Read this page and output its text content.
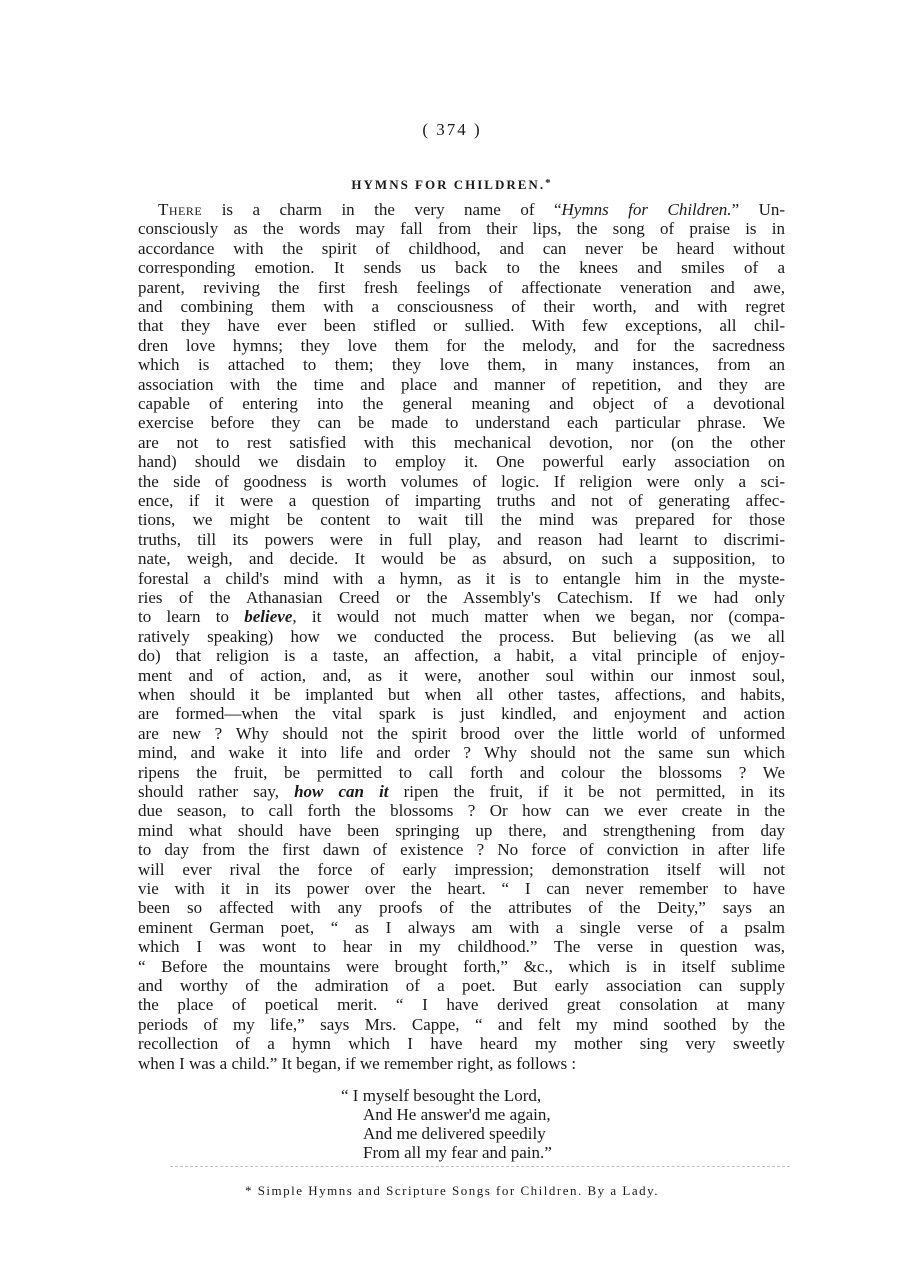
( 374 )
HYMNS FOR CHILDREN.*
There is a charm in the very name of “Hymns for Children.” Un-
consciously as the words may fall from their lips, the song of praise is in
accordance with the spirit of childhood, and can never be heard without
corresponding emotion. It sends us back to the knees and smiles of a
parent, reviving the first fresh feelings of affectionate veneration and awe,
and combining them with a consciousness of their worth, and with regret
that they have ever been stifled or sullied. With few exceptions, all chil-
dren love hymns; they love them for the melody, and for the sacredness
which is attached to them; they love them, in many instances, from an
association with the time and place and manner of repetition, and they are
capable of entering into the general meaning and object of a devotional
exercise before they can be made to understand each particular phrase. We
are not to rest satisfied with this mechanical devotion, nor (on the other
hand) should we disdain to employ it. One powerful early association on
the side of goodness is worth volumes of logic. If religion were only a sci-
ence, if it were a question of imparting truths and not of generating affec-
tions, we might be content to wait till the mind was prepared for those
truths, till its powers were in full play, and reason had learnt to discrimi-
nate, weigh, and decide. It would be as absurd, on such a supposition, to
forestal a child's mind with a hymn, as it is to entangle him in the myste-
ries of the Athanasian Creed or the Assembly's Catechism. If we had only
to learn to believe, it would not much matter when we began, nor (compa-
ratively speaking) how we conducted the process. But believing (as we all
do) that religion is a taste, an affection, a habit, a vital principle of enjoy-
ment and of action, and, as it were, another soul within our inmost soul,
when should it be implanted but when all other tastes, affections, and habits,
are formed—when the vital spark is just kindled, and enjoyment and action
are new ? Why should not the spirit brood over the little world of unformed
mind, and wake it into life and order ? Why should not the same sun which
ripens the fruit, be permitted to call forth and colour the blossoms ? We
should rather say, how can it ripen the fruit, if it be not permitted, in its
due season, to call forth the blossoms ? Or how can we ever create in the
mind what should have been springing up there, and strengthening from day
to day from the first dawn of existence ? No force of conviction in after life
will ever rival the force of early impression; demonstration itself will not
vie with it in its power over the heart. “ I can never remember to have
been so affected with any proofs of the attributes of the Deity,” says an
eminent German poet, “ as I always am with a single verse of a psalm
which I was wont to hear in my childhood.” The verse in question was,
“ Before the mountains were brought forth,” &c., which is in itself sublime
and worthy of the admiration of a poet. But early association can supply
the place of poetical merit. “ I have derived great consolation at many
periods of my life,” says Mrs. Cappe, “ and felt my mind soothed by the
recollection of a hymn which I have heard my mother sing very sweetly
when I was a child.” It began, if we remember right, as follows :
“ I myself besought the Lord,
And He answer'd me again,
And me delivered speedily
From all my fear and pain.”
* Simple Hymns and Scripture Songs for Children. By a Lady.
